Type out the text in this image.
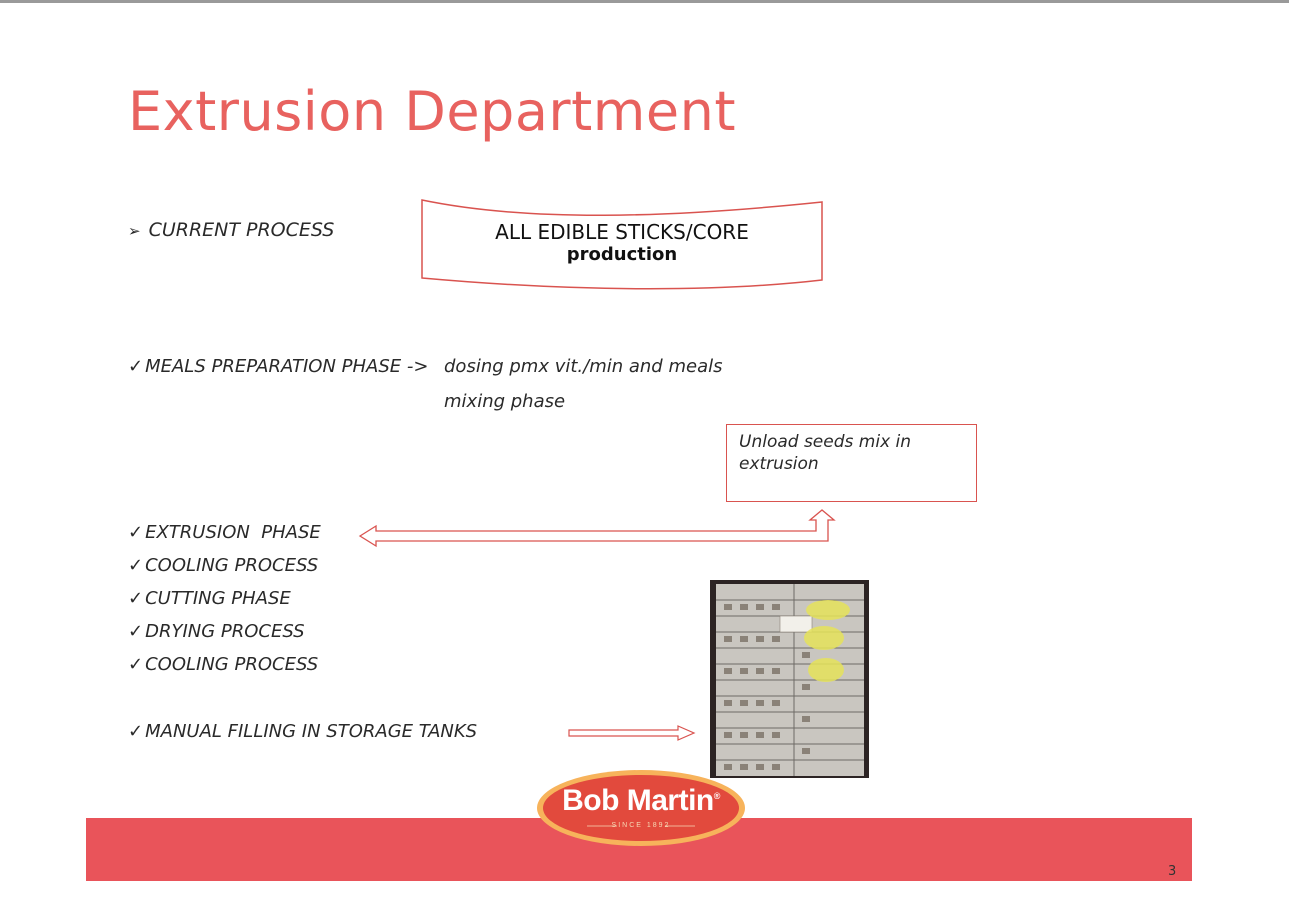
Extrusion Department
➢ CURRENT PROCESS	ALL EDIBLE STICKS/CORE
production
✓ MEALS PREPARATION PHASE -> dosing pmx vit./min and meals
mixing phase
Unload seeds mix in extrusion
✓ EXTRUSION  PHASE
✓ COOLING PROCESS
✓ CUTTING PHASE
✓ DRYING PROCESS
✓ COOLING PROCESS
✓ MANUAL FILLING IN STORAGE TANKS
3
Bob Martin®
SINCE 1892
